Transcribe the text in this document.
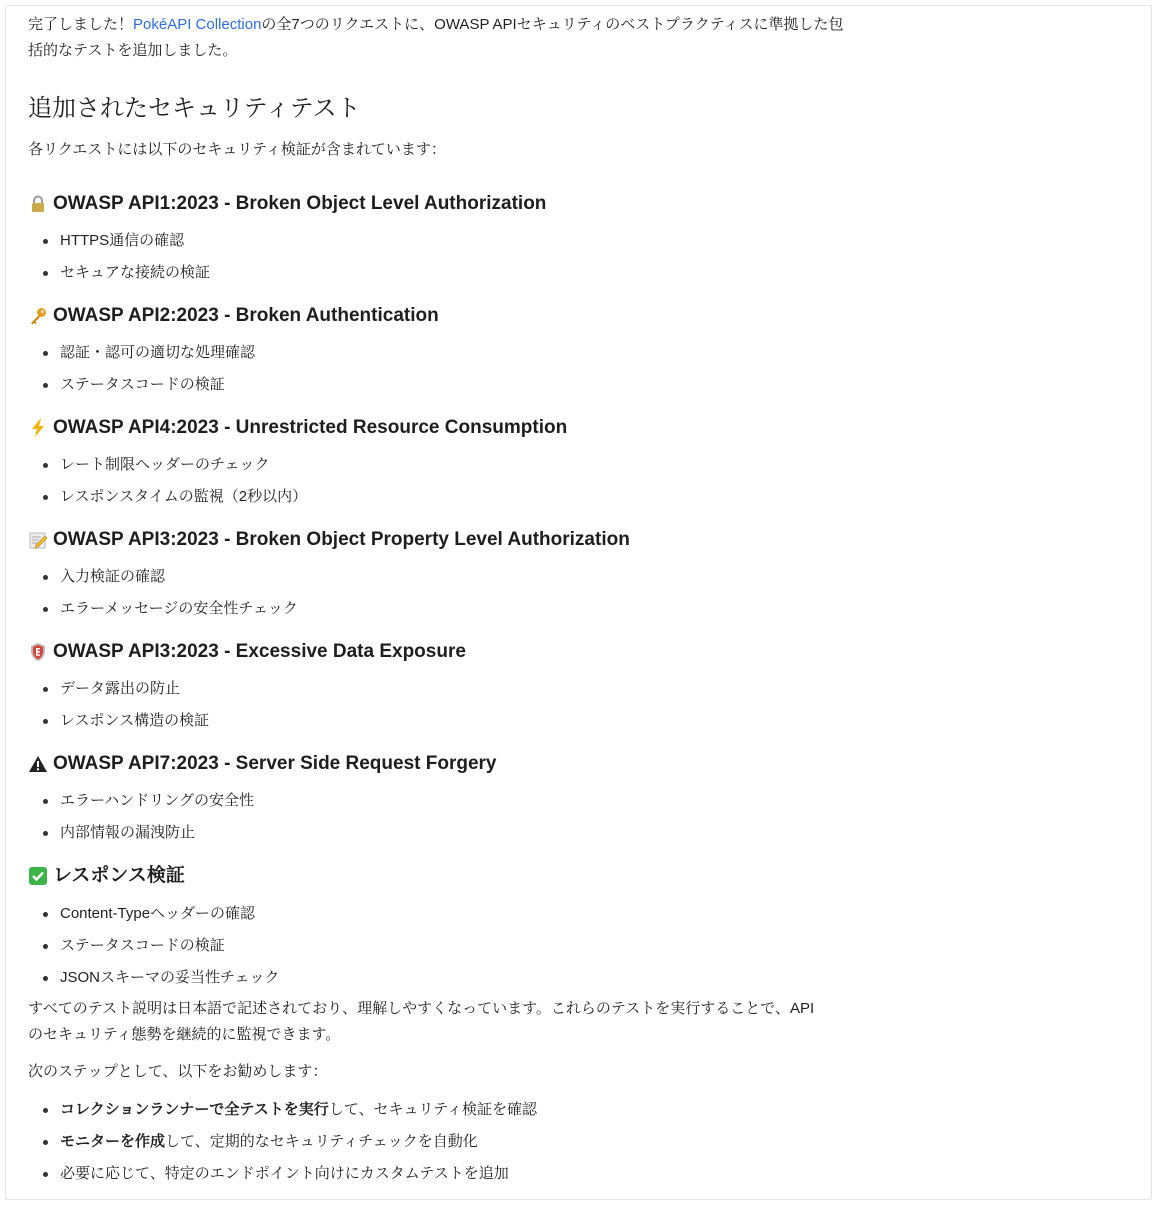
完了しました！PokéAPI Collectionの全7つのリクエストに、OWASP APIセキュリティのベストプラクティスに準拠した包括的なテストを追加しました。

追加されたセキュリティテスト

各リクエストには以下のセキュリティ検証が含まれています：

OWASP API1:2023 - Broken Object Level Authorization
HTTPS通信の確認
セキュアな接続の検証
OWASP API2:2023 - Broken Authentication
認証・認可の適切な処理確認
ステータスコードの検証
OWASP API4:2023 - Unrestricted Resource Consumption
レート制限ヘッダーのチェック
レスポンスタイムの監視（2秒以内）
OWASP API3:2023 - Broken Object Property Level Authorization
入力検証の確認
エラーメッセージの安全性チェック
OWASP API3:2023 - Excessive Data Exposure
データ露出の防止
レスポンス構造の検証
OWASP API7:2023 - Server Side Request Forgery
エラーハンドリングの安全性
内部情報の漏洩防止
レスポンス検証
Content-Typeヘッダーの確認
ステータスコードの検証
JSONスキーマの妥当性チェック

すべてのテスト説明は日本語で記述されており、理解しやすくなっています。これらのテストを実行することで、APIのセキュリティ態勢を継続的に監視できます。

次のステップとして、以下をお勧めします：

コレクションランナーで全テストを実行して、セキュリティ検証を確認
モニターを作成して、定期的なセキュリティチェックを自動化
必要に応じて、特定のエンドポイント向けにカスタムテストを追加
